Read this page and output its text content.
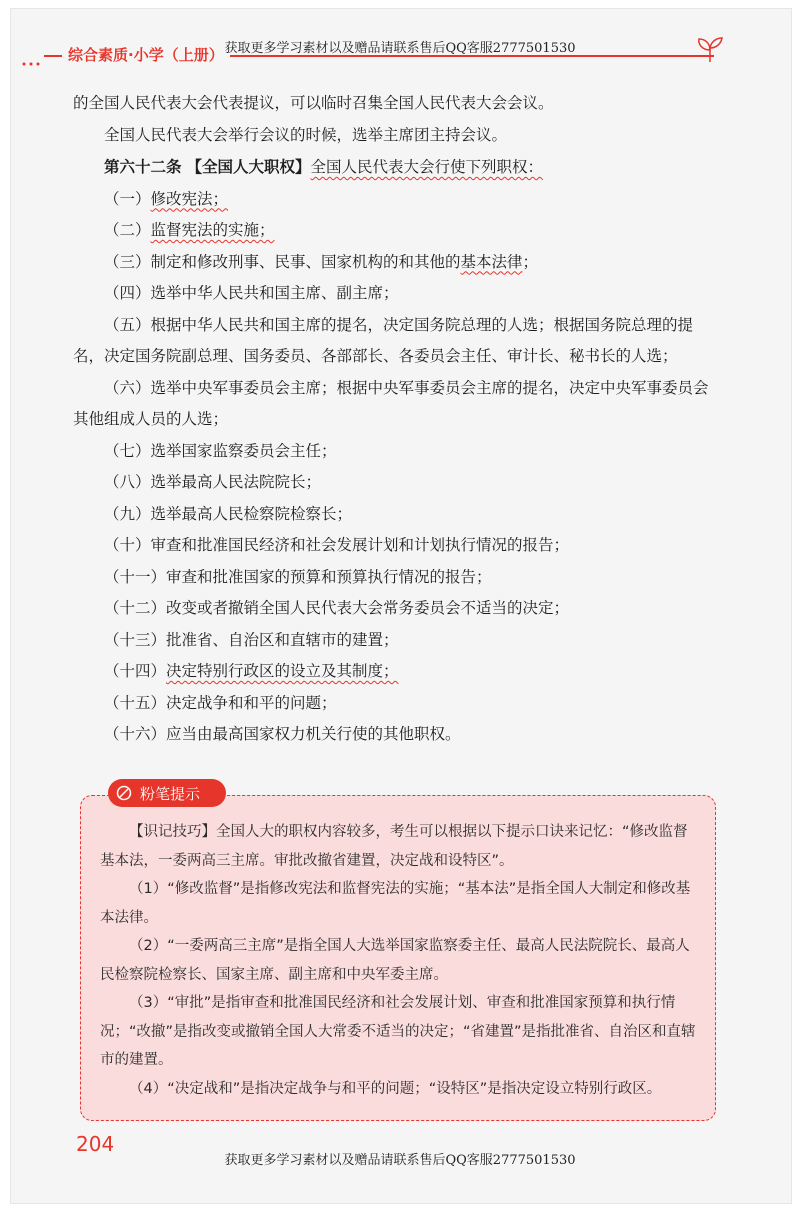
综合素质·小学（上册） 获取更多学习素材以及赠品请联系售后QQ客服2777501530

的全国人民代表大会代表提议，可以临时召集全国人民代表大会会议。

全国人民代表大会举行会议的时候，选举主席团主持会议。

第六十二条 【全国人大职权】全国人民代表大会行使下列职权：

（一）修改宪法；

（二）监督宪法的实施；

（三）制定和修改刑事、民事、国家机构的和其他的基本法律；

（四）选举中华人民共和国主席、副主席；

（五）根据中华人民共和国主席的提名，决定国务院总理的人选；根据国务院总理的提名，决定国务院副总理、国务委员、各部部长、各委员会主任、审计长、秘书长的人选；

（六）选举中央军事委员会主席；根据中央军事委员会主席的提名，决定中央军事委员会其他组成人员的人选；

（七）选举国家监察委员会主任；

（八）选举最高人民法院院长；

（九）选举最高人民检察院检察长；

（十）审查和批准国民经济和社会发展计划和计划执行情况的报告；

（十一）审查和批准国家的预算和预算执行情况的报告；

（十二）改变或者撤销全国人民代表大会常务委员会不适当的决定；

（十三）批准省、自治区和直辖市的建置；

（十四）决定特别行政区的设立及其制度；

（十五）决定战争和和平的问题；

（十六）应当由最高国家权力机关行使的其他职权。

粉笔提示

【识记技巧】全国人大的职权内容较多，考生可以根据以下提示口诀来记忆：“修改监督基本法，一委两高三主席。审批改撤省建置，决定战和设特区”。

（1）“修改监督”是指修改宪法和监督宪法的实施；“基本法”是指全国人大制定和修改基本法律。

（2）“一委两高三主席”是指全国人大选举国家监察委主任、最高人民法院院长、最高人民检察院检察长、国家主席、副主席和中央军委主席。

（3）“审批”是指审查和批准国民经济和社会发展计划、审查和批准国家预算和执行情况；“改撤”是指改变或撤销全国人大常委不适当的决定；“省建置”是指批准省、自治区和直辖市的建置。

（4）“决定战和”是指决定战争与和平的问题；“设特区”是指决定设立特别行政区。

204
获取更多学习素材以及赠品请联系售后QQ客服2777501530
